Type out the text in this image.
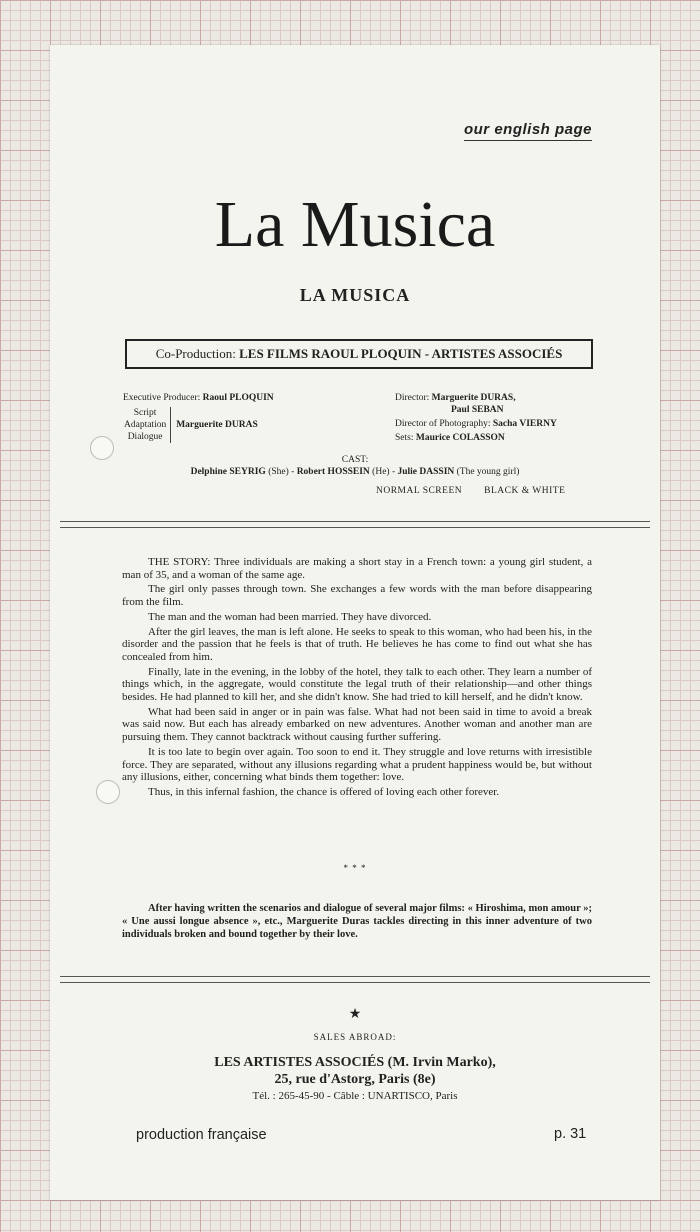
our english page
La Musica
LA MUSICA
Co-Production: LES FILMS RAOUL PLOQUIN - ARTISTES ASSOCIÉS
Executive Producer: Raoul PLOQUIN
Script
Adaptation
Dialogue
Marguerite DURAS
Director: Marguerite DURAS,
Paul SEBAN
Director of Photography: Sacha VIERNY
Sets: Maurice COLASSON
CAST:
Delphine SEYRIG (She) - Robert HOSSEIN (He) - Julie DASSIN (The young girl)
NORMAL SCREEN BLACK & WHITE

THE STORY: Three individuals are making a short stay in a French town: a young girl student, a man of 35, and a woman of the same age.

The girl only passes through town. She exchanges a few words with the man before disappearing from the film.

The man and the woman had been married. They have divorced.

After the girl leaves, the man is left alone. He seeks to speak to this woman, who had been his, in the disorder and the passion that he feels is that of truth. He believes he has come to find out what she has concealed from him.

Finally, late in the evening, in the lobby of the hotel, they talk to each other. They learn a number of things which, in the aggregate, would constitute the legal truth of their relationship—and other things besides. He had planned to kill her, and she didn't know. She had tried to kill herself, and he didn't know.

What had been said in anger or in pain was false. What had not been said in time to avoid a break was said now. But each has already embarked on new adventures. Another woman and another man are pursuing them. They cannot backtrack without causing further suffering.

It is too late to begin over again. Too soon to end it. They struggle and love returns with irresistible force. They are separated, without any illusions regarding what a prudent happiness would be, but without any illusions, either, concerning what binds them together: love.

Thus, in this infernal fashion, the chance is offered of loving each other forever.

* * *

After having written the scenarios and dialogue of several major films: « Hiroshima, mon amour »; « Une aussi longue absence », etc., Marguerite Duras tackles directing in this inner adventure of two individuals broken and bound together by their love.

★
SALES ABROAD:
LES ARTISTES ASSOCIÉS (M. Irvin Marko),
25, rue d'Astorg, Paris (8e)
Tél. : 265-45-90 - Câble : UNARTISCO, Paris
production française	p. 31
